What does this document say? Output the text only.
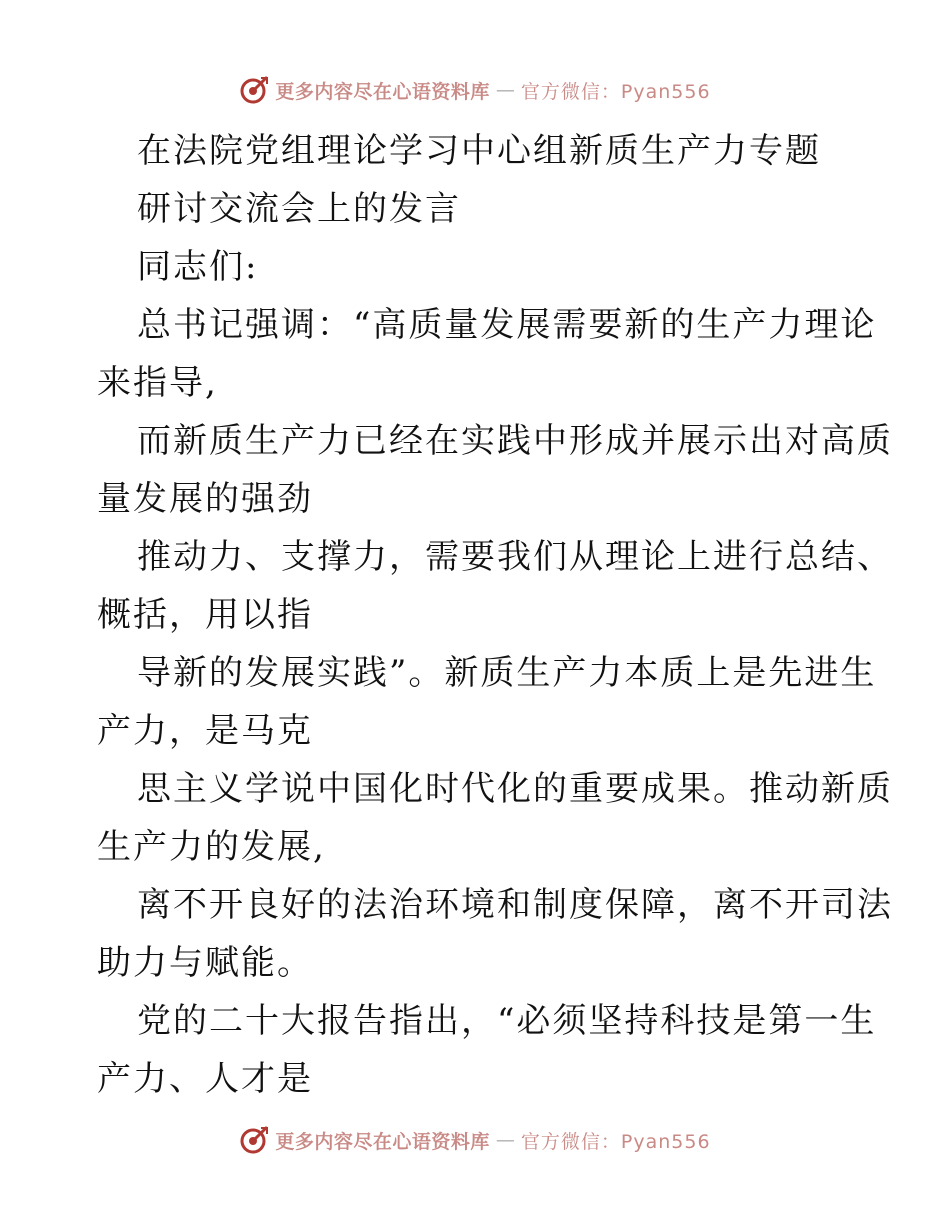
更多内容尽在心语资料库 — 官方微信：Pyan556
在法院党组理论学习中心组新质生产力专题
研讨交流会上的发言
同志们:
总书记强调：“高质量发展需要新的生产力理论
来指导,
而新质生产力已经在实践中形成并展示出对高质
量发展的强劲
推动力、支撑力，需要我们从理论上进行总结、
概括，用以指
导新的发展实践”。新质生产力本质上是先进生
产力，是马克
思主义学说中国化时代化的重要成果。推动新质
生产力的发展,
离不开良好的法治环境和制度保障，离不开司法
助力与赋能。
党的二十大报告指出，“必须坚持科技是第一生
产力、人才是
更多内容尽在心语资料库 — 官方微信：Pyan556
